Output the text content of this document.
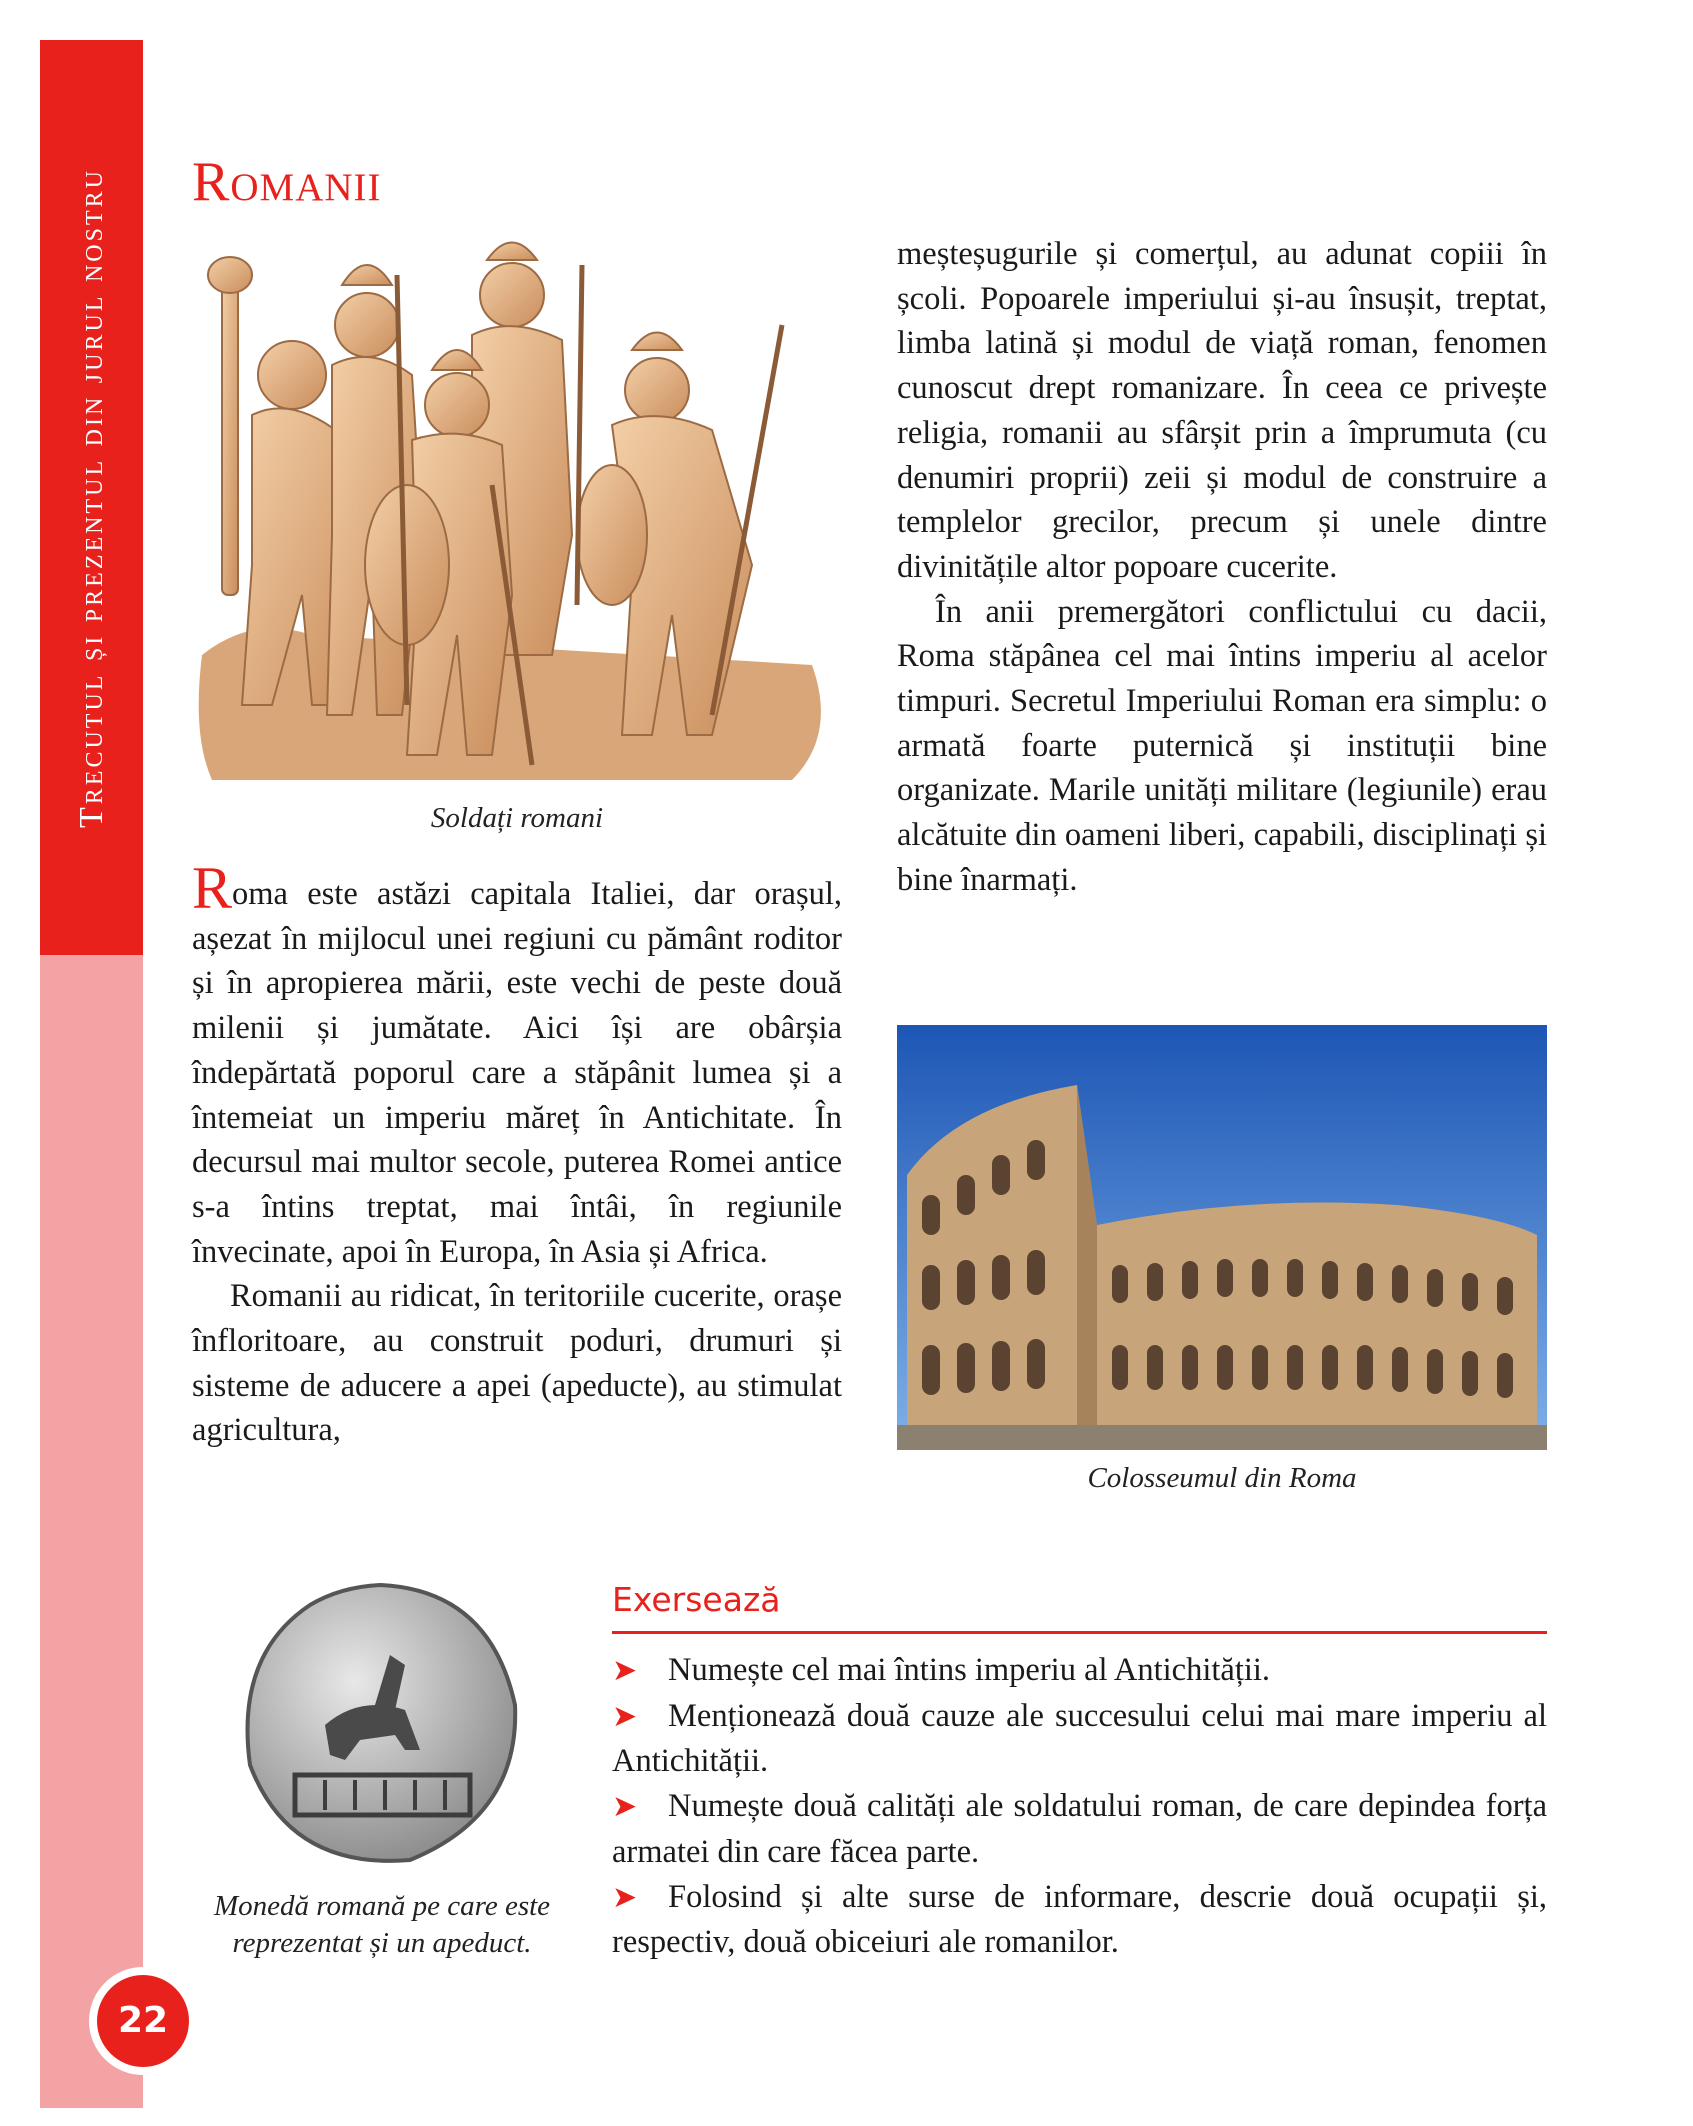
Trecutul și prezentul din jurul nostru
22
Romanii
Soldați romani

Roma este astăzi capitala Italiei, dar orașul, așezat în mijlocul unei regiuni cu pământ roditor și în apropierea mării, este vechi de peste două milenii și jumătate. Aici își are obârșia îndepărtată poporul care a stăpânit lumea și a întemeiat un imperiu măreț în Antichitate. În decursul mai multor secole, puterea Romei antice s-a întins treptat, mai întâi, în regiunile învecinate, apoi în Europa, în Asia și Africa.

Romanii au ridicat, în teritoriile cucerite, orașe înfloritoare, au construit poduri, drumuri și sisteme de aducere a apei (apeducte), au stimulat agricultura,

meșteșugurile și comerțul, au adunat copiii în școli. Popoarele imperiului și-au însușit, treptat, limba latină și modul de viață roman, fenomen cunoscut drept romanizare. În ceea ce privește religia, romanii au sfârșit prin a împrumuta (cu denumiri proprii) zeii și modul de construire a templelor grecilor, precum și unele dintre divinitățile altor popoare cucerite.

În anii premergători conflictului cu dacii, Roma stăpânea cel mai întins imperiu al acelor timpuri. Secretul Imperiului Roman era simplu: o armată foarte puternică și instituții bine organizate. Marile unități militare (legiunile) erau alcătuite din oameni liberi, capabili, disciplinați și bine înarmați.

Colosseumul din Roma
Monedă romană pe care este
reprezentat și un apeduct.
Exersează
➤ Numește cel mai întins imperiu al Antichității.
➤ Menționează două cauze ale succesului celui mai mare imperiu al Antichității.
➤ Numește două calități ale soldatului roman, de care depindea forța armatei din care făcea parte.
➤ Folosind și alte surse de informare, descrie două ocupații și, respectiv, două obiceiuri ale romanilor.
